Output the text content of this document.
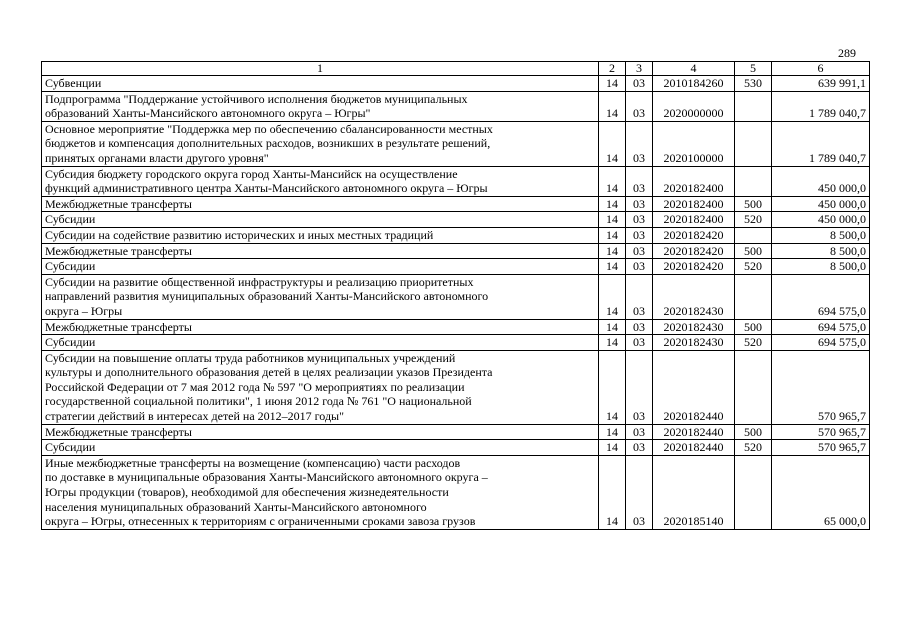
289
1	2	3	4	5	6
Субвенции	14	03	2010184260	530	639 991,1
Подпрограмма "Поддержание устойчивого исполнения бюджетов муниципальных
образований Ханты-Мансийского автономного округа – Югры"	14	03	2020000000		1 789 040,7
Основное мероприятие "Поддержка мер по обеспечению сбалансированности местных
бюджетов и компенсация дополнительных расходов, возникших в результате решений,
принятых органами власти другого уровня"	14	03	2020100000		1 789 040,7
Субсидия бюджету городского округа город Ханты-Мансийск на осуществление
функций административного центра Ханты-Мансийского автономного округа – Югры	14	03	2020182400		450 000,0
Межбюджетные трансферты	14	03	2020182400	500	450 000,0
Субсидии	14	03	2020182400	520	450 000,0
Субсидии на содействие развитию исторических и иных местных традиций	14	03	2020182420		8 500,0
Межбюджетные трансферты	14	03	2020182420	500	8 500,0
Субсидии	14	03	2020182420	520	8 500,0
Субсидии на развитие общественной инфраструктуры и реализацию приоритетных
направлений развития муниципальных образований Ханты-Мансийского автономного
округа – Югры	14	03	2020182430		694 575,0
Межбюджетные трансферты	14	03	2020182430	500	694 575,0
Субсидии	14	03	2020182430	520	694 575,0
Субсидии на повышение оплаты труда работников муниципальных учреждений
культуры и дополнительного образования детей в целях реализации указов Президента
Российской Федерации от 7 мая 2012 года № 597 "О мероприятиях по реализации
государственной социальной политики", 1 июня 2012 года № 761 "О национальной
стратегии действий в интересах детей на 2012–2017 годы"	14	03	2020182440		570 965,7
Межбюджетные трансферты	14	03	2020182440	500	570 965,7
Субсидии	14	03	2020182440	520	570 965,7
Иные межбюджетные трансферты на возмещение (компенсацию) части расходов
по доставке в муниципальные образования Ханты-Мансийского автономного округа –
Югры продукции (товаров), необходимой для обеспечения жизнедеятельности
населения муниципальных образований Ханты-Мансийского автономного
округа – Югры, отнесенных к территориям с ограниченными сроками завоза грузов	14	03	2020185140		65 000,0
